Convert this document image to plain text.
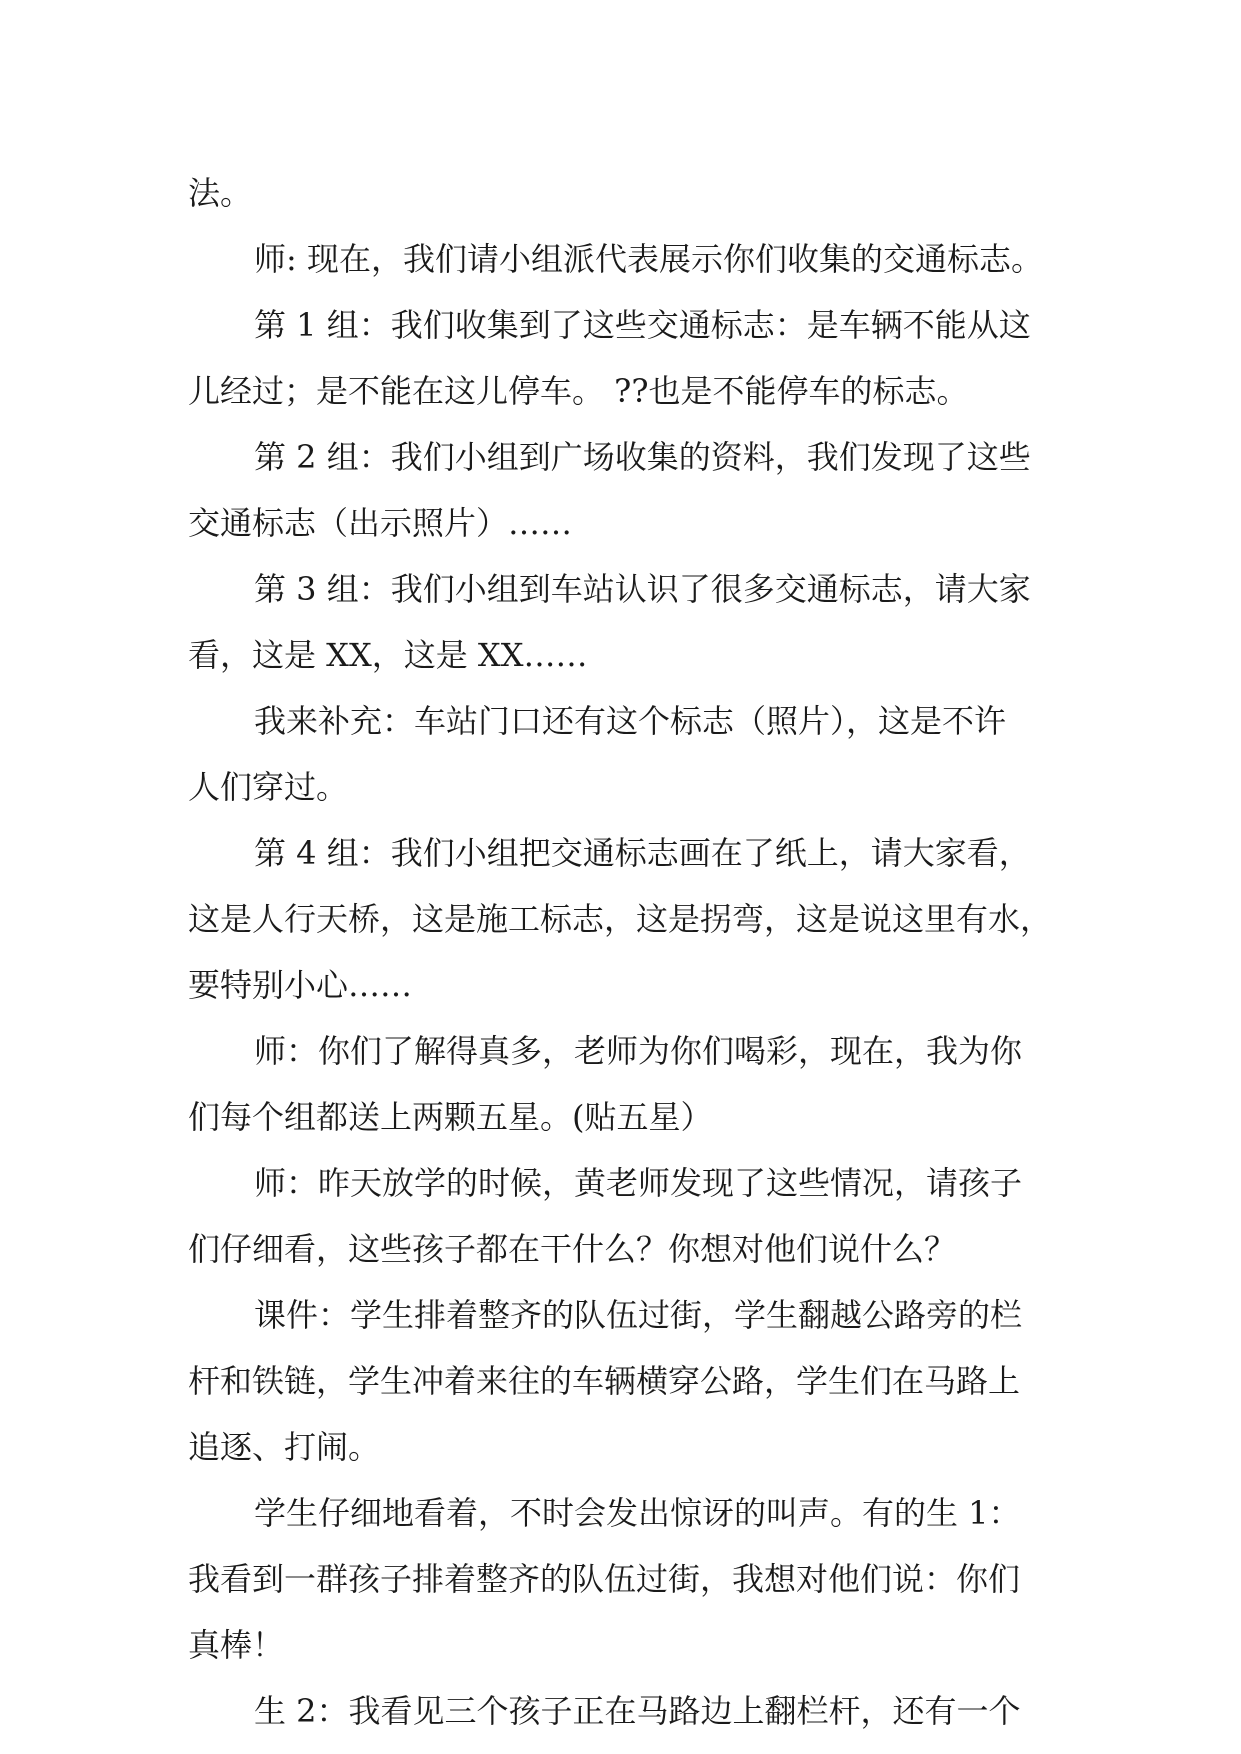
法。
师: 现在，我们请小组派代表展示你们收集的交通标志。
第 1 组：我们收集到了这些交通标志：是车辆不能从这
儿经过；是不能在这儿停车。 ??也是不能停车的标志。
第 2 组：我们小组到广场收集的资料，我们发现了这些
交通标志（出示照片）……
第 3 组：我们小组到车站认识了很多交通标志，请大家
看，这是 XX，这是 XX……
我来补充：车站门口还有这个标志（照片），这是不许
人们穿过。
第 4 组：我们小组把交通标志画在了纸上，请大家看，
这是人行天桥，这是施工标志，这是拐弯，这是说这里有水，
要特别小心……
师：你们了解得真多，老师为你们喝彩，现在，我为你
们每个组都送上两颗五星。(贴五星）
师：昨天放学的时候，黄老师发现了这些情况，请孩子
们仔细看，这些孩子都在干什么？你想对他们说什么？
课件：学生排着整齐的队伍过街，学生翻越公路旁的栏
杆和铁链，学生冲着来往的车辆横穿公路，学生们在马路上
追逐、打闹。
学生仔细地看着，不时会发出惊讶的叫声。有的生 1：
我看到一群孩子排着整齐的队伍过街，我想对他们说：你们
真棒！
生 2：我看见三个孩子正在马路边上翻栏杆，还有一个
